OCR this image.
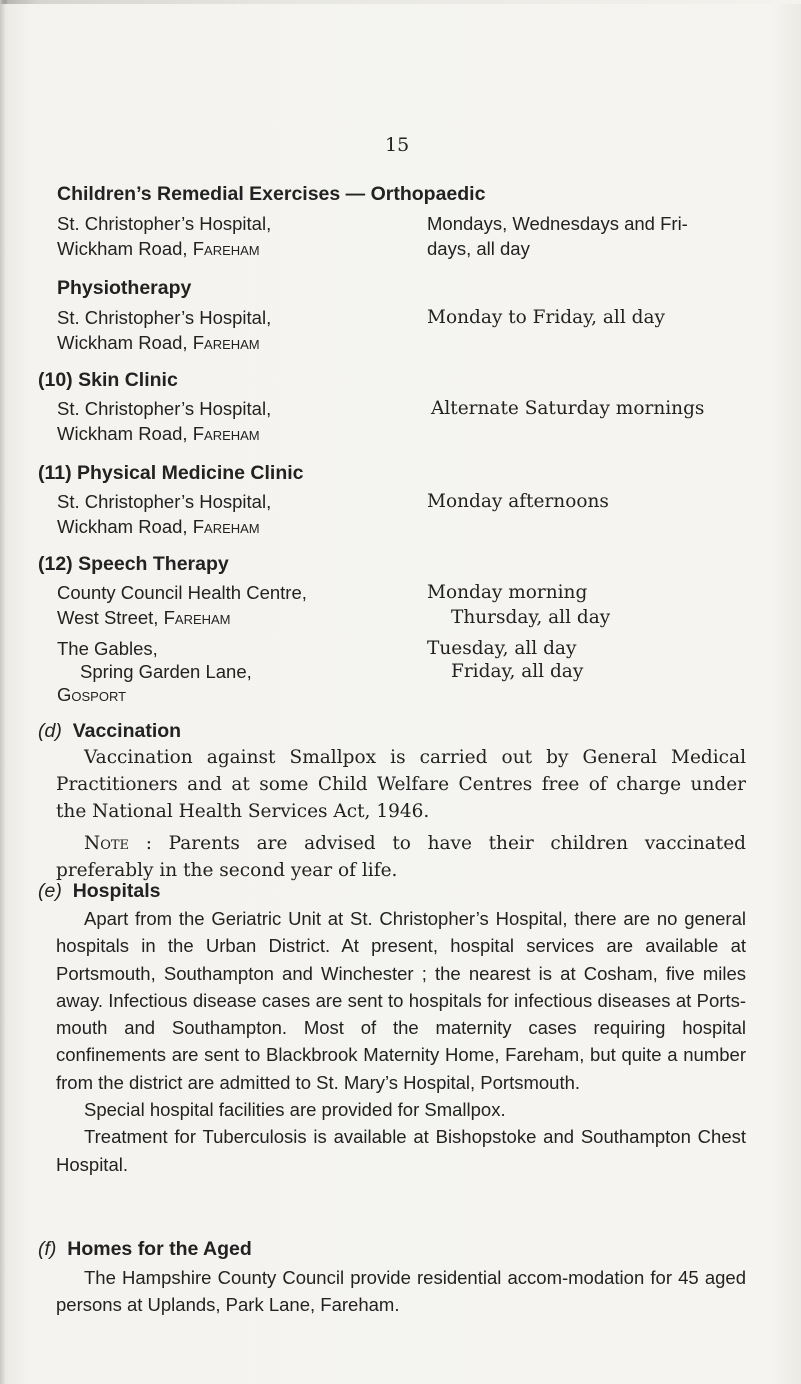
15
Children’s Remedial Exercises — Orthopaedic
St. Christopher’s Hospital,
Wickham Road, Fareham
Mondays, Wednesdays and Fri-
days, all day
Physiotherapy
St. Christopher’s Hospital,
Wickham Road, Fareham
Monday to Friday, all day
(10) Skin Clinic
St. Christopher’s Hospital,
Wickham Road, Fareham
Alternate Saturday mornings
(11) Physical Medicine Clinic
St. Christopher’s Hospital,
Wickham Road, Fareham
Monday afternoons
(12) Speech Therapy
County Council Health Centre,
West Street, Fareham
Monday morning
Thursday, all day
The Gables,
Spring Garden Lane,
Gosport
Tuesday, all day
Friday, all day
(d) Vaccination

Vaccination against Smallpox is carried out by General Medical Practitioners and at some Child Welfare Centres free of charge under the National Health Services Act, 1946.

Note : Parents are advised to have their children vaccinated preferably in the second year of life.

(e) Hospitals

Apart from the Geriatric Unit at St. Christopher’s Hospital, there are no general hospitals in the Urban District. At present, hospital services are available at Portsmouth, Southampton and Winchester ; the nearest is at Cosham, five miles away. Infectious disease cases are sent to hospitals for infectious diseases at Ports-mouth and Southampton. Most of the maternity cases requiring hospital confinements are sent to Blackbrook Maternity Home, Fareham, but quite a number from the district are admitted to St. Mary’s Hospital, Portsmouth.

Special hospital facilities are provided for Smallpox.

Treatment for Tuberculosis is available at Bishopstoke and Southampton Chest Hospital.

(f) Homes for the Aged

The Hampshire County Council provide residential accom-modation for 45 aged persons at Uplands, Park Lane, Fareham.
